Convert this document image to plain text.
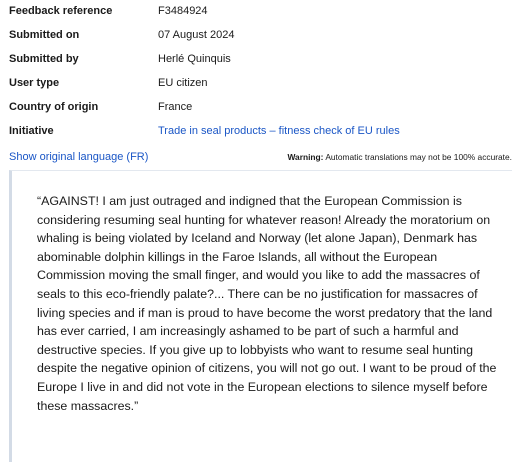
Feedback reference	F3484924
Submitted on	07 August 2024
Submitted by	Herlé Quinquis
User type	EU citizen
Country of origin	France
Initiative	Trade in seal products – fitness check of EU rules
Show original language (FR)	Warning: Automatic translations may not be 100% accurate.
“AGAINST! I am just outraged and indigned that the European Commission is considering resuming seal hunting for whatever reason! Already the moratorium on whaling is being violated by Iceland and Norway (let alone Japan), Denmark has abominable dolphin killings in the Faroe Islands, all without the European Commission moving the small finger, and would you like to add the massacres of seals to this eco-friendly palate?... There can be no justification for massacres of living species and if man is proud to have become the worst predatory that the land has ever carried, I am increasingly ashamed to be part of such a harmful and destructive species. If you give up to lobbyists who want to resume seal hunting despite the negative opinion of citizens, you will not go out. I want to be proud of the Europe I live in and did not vote in the European elections to silence myself before these massacres.”
